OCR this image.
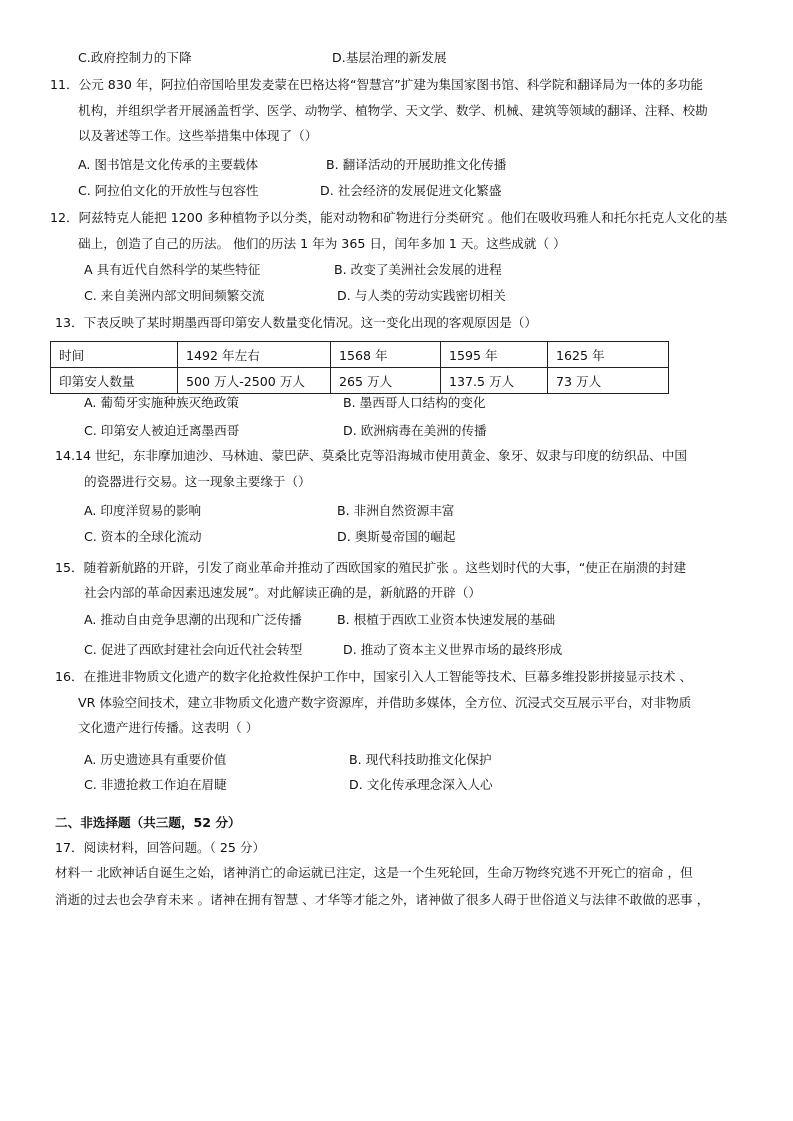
C.政府控制力的下降	D.基层治理的新发展
11．公元 830 年，阿拉伯帝国哈里发麦蒙在巴格达将“智慧宫”扩建为集国家图书馆、科学院和翻译局为一体的多功能
机构，并组织学者开展涵盖哲学、医学、动物学、植物学、天文学、数学、机械、建筑等领域的翻译、注释、校勘
以及著述等工作。这些举措集中体现了（）
A. 图书馆是文化传承的主要载体	B. 翻译活动的开展助推文化传播
C. 阿拉伯文化的开放性与包容性	D. 社会经济的发展促进文化繁盛
12．阿兹特克人能把 1200 多种植物予以分类，能对动物和矿物进行分类研究 。他们在吸收玛雅人和托尔托克人文化的基
础上，创造了自己的历法。 他们的历法 1 年为 365 日，闰年多加 1 天。这些成就（ ）
A 具有近代自然科学的某些特征	B. 改变了美洲社会发展的进程
C. 来自美洲内部文明间频繁交流	D. 与人类的劳动实践密切相关
13．下表反映了某时期墨西哥印第安人数量变化情况。这一变化出现的客观原因是（）
时间	1492 年左右	1568 年	1595 年	1625 年
印第安人数量	500 万人-2500 万人	265 万人	137.5 万人	73 万人
A. 葡萄牙实施种族灭绝政策	B. 墨西哥人口结构的变化
C. 印第安人被迫迁离墨西哥	D. 欧洲病毒在美洲的传播
14.14 世纪，东非摩加迪沙、马林迪、蒙巴萨、莫桑比克等沿海城市使用黄金、象牙、奴隶与印度的纺织品、中国
的瓷器进行交易。这一现象主要缘于（）
A. 印度洋贸易的影响	B. 非洲自然资源丰富
C. 资本的全球化流动	D. 奥斯曼帝国的崛起
15．随着新航路的开辟，引发了商业革命并推动了西欧国家的殖民扩张 。这些划时代的大事，“使正在崩溃的封建
社会内部的革命因素迅速发展”。对此解读正确的是，新航路的开辟（）
A. 推动自由竞争思潮的出现和广泛传播	B. 根植于西欧工业资本快速发展的基础
C. 促进了西欧封建社会向近代社会转型	D. 推动了资本主义世界市场的最终形成
16．在推进非物质文化遗产的数字化抢救性保护工作中，国家引入人工智能等技术、巨幕多维投影拼接显示技术 、
VR 体验空间技术，建立非物质文化遗产数字资源库，并借助多媒体，全方位、沉浸式交互展示平台，对非物质
文化遗产进行传播。这表明（ ）
A. 历史遗迹具有重要价值	B. 现代科技助推文化保护
C. 非遗抢救工作迫在眉睫	D. 文化传承理念深入人心
二、非选择题（共三题，52 分）
17．阅读材料，回答问题。（ 25 分）
材料一 北欧神话自诞生之始，诸神消亡的命运就已注定，这是一个生死轮回，生命万物终究逃不开死亡的宿命 ，但
消逝的过去也会孕育未来 。诸神在拥有智慧 、才华等才能之外，诸神做了很多人碍于世俗道义与法律不敢做的恶事 ，
